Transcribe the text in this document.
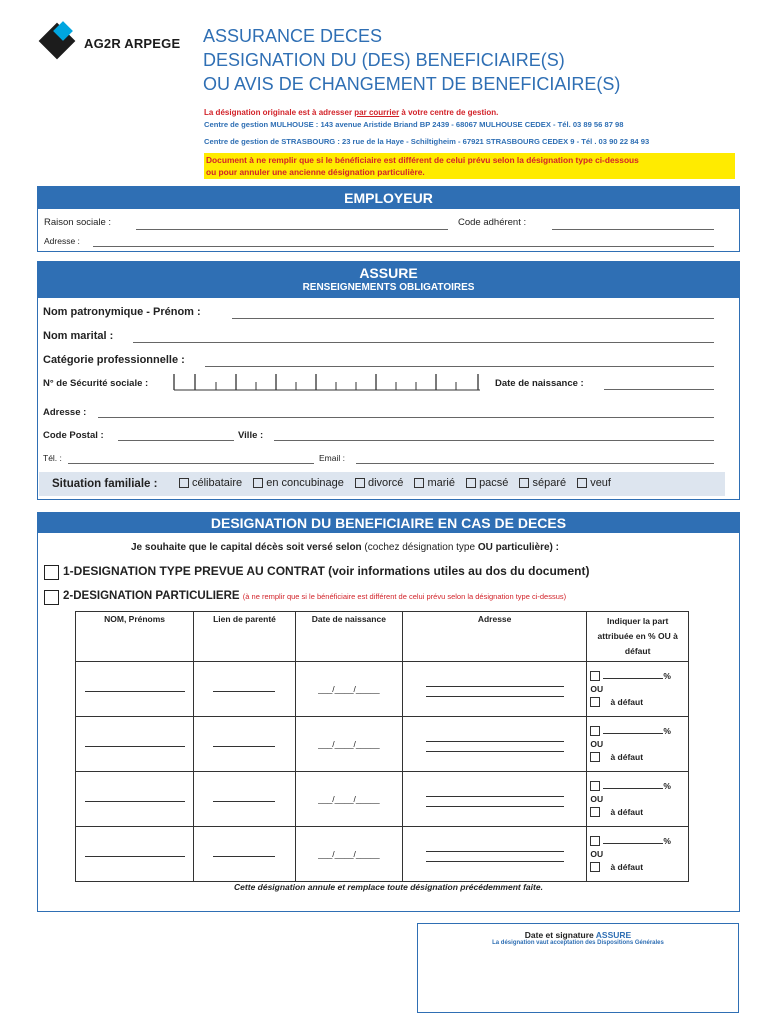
AG2R ARPEGE ASSURANCE DECES
DESIGNATION DU (DES) BENEFICIAIRE(S)
OU AVIS DE CHANGEMENT DE BENEFICIAIRE(S)
La désignation originale est à adresser par courrier à votre centre de gestion.
Centre de gestion MULHOUSE : 143 avenue Aristide Briand BP 2439 - 68067 MULHOUSE CEDEX - Tél. 03 89 56 87 98
Centre de gestion de STRASBOURG : 23 rue de la Haye - Schiltigheim - 67921 STRASBOURG CEDEX 9 - Tél . 03 90 22 84 93
Document à ne remplir que si le bénéficiaire est différent de celui prévu selon la désignation type ci-dessous
ou pour annuler une ancienne désignation particulière.
EMPLOYEUR
Raison sociale :	Code adhérent :
Adresse :
ASSURE
RENSEIGNEMENTS OBLIGATOIRES
Nom patronymique - Prénom :
Nom marital :
Catégorie professionnelle :
N° de Sécurité sociale :	Date de naissance :
Adresse :
Code Postal :	Ville :
Tél. :	Email :
Situation familiale :	célibataire en concubinage divorcé marié pacsé séparé veuf
DESIGNATION DU BENEFICIAIRE EN CAS DE DECES
Je souhaite que le capital décès soit versé selon (cochez désignation type OU particulière) :
1-DESIGNATION TYPE PREVUE AU CONTRAT (voir informations utiles au dos du document)
2-DESIGNATION PARTICULIERE (à ne remplir que si le bénéficiaire est différent de celui prévu selon la désignation type ci-dessus)
NOM, Prénoms	Lien de parenté	Date de naissance	Adresse	Indiquer la part attribuée en % OU à défaut
		___/____/_____		%
OU
à défaut
		___/____/_____		%
OU
à défaut
		___/____/_____		%
OU
à défaut
		___/____/_____		%
OU
à défaut
Cette désignation annule et remplace toute désignation précédemment faite.
Date et signature ASSURE
La désignation vaut acceptation des Dispositions Générales
